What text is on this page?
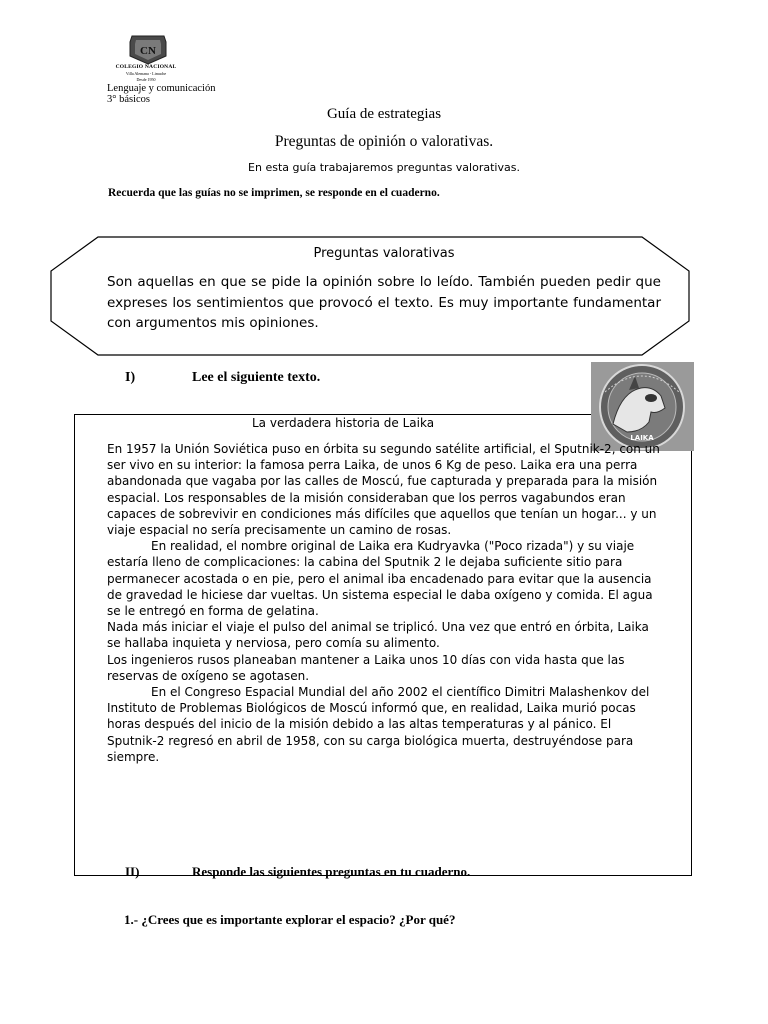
CN
COLEGIO NACIONAL
Villa Alemana - Limache
Desde 1950
Lenguaje y comunicación
3° básicos
Guía de estrategias
Preguntas de opinión o valorativas.
En esta guía trabajaremos preguntas valorativas.
Recuerda que las guías no se imprimen, se responde en el cuaderno.
Preguntas valorativas
Son aquellas en que se pide la opinión sobre lo leído. También pueden pedir que expreses los sentimientos que provocó el texto. Es muy importante fundamentar con argumentos mis opiniones.
I)	Lee el siguiente texto.
LAIKA
La verdadera historia de Laika

En 1957 la Unión Soviética puso en órbita su segundo satélite artificial, el Sputnik-2, con un ser vivo en su interior: la famosa perra Laika, de unos 6 Kg de peso. Laika era una perra abandonada que vagaba por las calles de Moscú, fue capturada y preparada para la misión espacial. Los responsables de la misión consideraban que los perros vagabundos eran capaces de sobrevivir en condiciones más difíciles que aquellos que tenían un hogar... y un viaje espacial no sería precisamente un camino de rosas.

En realidad, el nombre original de Laika era Kudryavka ("Poco rizada") y su viaje estaría lleno de complicaciones: la cabina del Sputnik 2 le dejaba suficiente sitio para permanecer acostada o en pie, pero el animal iba encadenado para evitar que la ausencia de gravedad le hiciese dar vueltas. Un sistema especial le daba oxígeno y comida. El agua se le entregó en forma de gelatina.

Nada más iniciar el viaje el pulso del animal se triplicó. Una vez que entró en órbita, Laika se hallaba inquieta y nerviosa, pero comía su alimento.

Los ingenieros rusos planeaban mantener a Laika unos 10 días con vida hasta que las reservas de oxígeno se agotasen.

En el Congreso Espacial Mundial del año 2002 el científico Dimitri Malashenkov del Instituto de Problemas Biológicos de Moscú informó que, en realidad, Laika murió pocas horas después del inicio de la misión debido a las altas temperaturas y al pánico. El Sputnik-2 regresó en abril de 1958, con su carga biológica muerta, destruyéndose para siempre.

II)	Responde las siguientes preguntas en tu cuaderno.
1.- ¿Crees que es importante explorar el espacio? ¿Por qué?
